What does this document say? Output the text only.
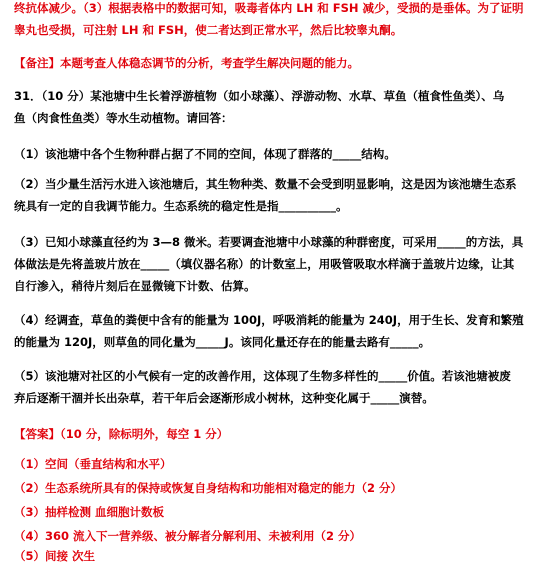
终抗体减少。（3）根据表格中的数据可知，吸毒者体内 LH 和 FSH 减少，受损的是垂体。为了证明
睾丸也受损，可注射 LH 和 FSH，使二者达到正常水平，然后比较睾丸酮。
【备注】本题考查人体稳态调节的分析，考查学生解决问题的能力。
31．（10 分）某池塘中生长着浮游植物（如小球藻）、浮游动物、水草、草鱼（植食性鱼类）、乌
鱼（肉食性鱼类）等水生动植物。请回答：
（1）该池塘中各个生物种群占据了不同的空间，体现了群落的_____结构。
（2）当少量生活污水进入该池塘后，其生物种类、数量不会受到明显影响，这是因为该池塘生态系
统具有一定的自我调节能力。生态系统的稳定性是指__________。
（3）已知小球藻直径约为 3—8 微米。若要调查池塘中小球藻的种群密度，可采用_____的方法，具
体做法是先将盖玻片放在_____（填仪器名称）的计数室上，用吸管吸取水样滴于盖玻片边缘，让其
自行渗入，稍待片刻后在显微镜下计数、估算。
（4）经调查，草鱼的粪便中含有的能量为 100J，呼吸消耗的能量为 240J，用于生长、发育和繁殖
的能量为 120J，则草鱼的同化量为_____J。该同化量还存在的能量去路有_____。
（5）该池塘对社区的小气候有一定的改善作用，这体现了生物多样性的_____价值。若该池塘被废
弃后逐渐干涸并长出杂草，若干年后会逐渐形成小树林，这种变化属于_____演替。
【答案】（10 分，除标明外，每空 1 分）
（1）空间（垂直结构和水平）
（2）生态系统所具有的保持或恢复自身结构和功能相对稳定的能力（2 分）
（3）抽样检测 血细胞计数板
（4）360 流入下一营养级、被分解者分解利用、未被利用（2 分）
（5）间接 次生
